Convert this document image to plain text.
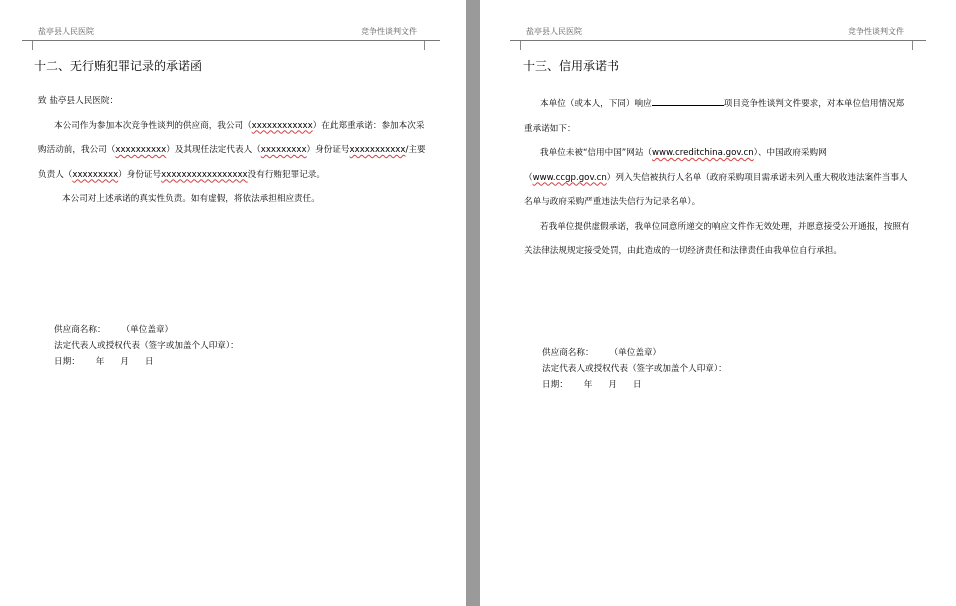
盐亭县人民医院	竞争性谈判文件
十二、无行贿犯罪记录的承诺函

致 盐亭县人民医院：

本公司作为参加本次竞争性谈判的供应商，我公司（xxxxxxxxxxxx）在此郑重承诺：参加本次采购活动前，我公司（xxxxxxxxxx）及其现任法定代表人（xxxxxxxxx）身份证号xxxxxxxxxxx/主要负责人（xxxxxxxxx）身份证号xxxxxxxxxxxxxxxxx没有行贿犯罪记录。

本公司对上述承诺的真实性负责。如有虚假，将依法承担相应责任。

供应商名称： （单位盖章）
法定代表人或授权代表（签字或加盖个人印章）：
日期： 年 月 日
盐亭县人民医院	竞争性谈判文件
十三、信用承诺书

本单位（或本人，下同）响应	项目竞争性谈判文件要求，对本单位信用情况郑重承诺如下：

我单位未被“信用中国”网站（www.creditchina.gov.cn）、中国政府采购网（www.ccgp.gov.cn）列入失信被执行人名单（政府采购项目需承诺未列入重大税收违法案件当事人名单与政府采购严重违法失信行为记录名单）。

若我单位提供虚假承诺，我单位同意所递交的响应文件作无效处理，并愿意接受公开通报，按照有关法律法规规定接受处罚，由此造成的一切经济责任和法律责任由我单位自行承担。

供应商名称： （单位盖章）
法定代表人或授权代表（签字或加盖个人印章）：
日期： 年 月 日
